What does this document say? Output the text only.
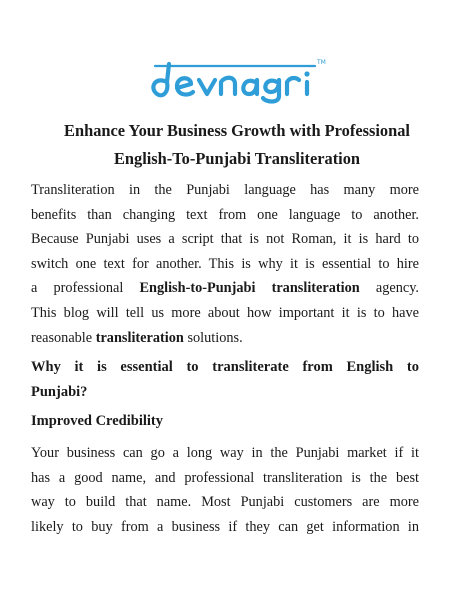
TM
Enhance Your Business Growth with Professional
English-To-Punjabi Transliteration
Transliteration in the Punjabi language has many more
benefits than changing text from one language to another.
Because Punjabi uses a script that is not Roman, it is hard to
switch one text for another. This is why it is essential to hire
a professional English-to-Punjabi transliteration agency.
This blog will tell us more about how important it is to have
reasonable transliteration solutions.
Why it is essential to transliterate from English to
Punjabi?
Improved Credibility
Your business can go a long way in the Punjabi market if it
has a good name, and professional transliteration is the best
way to build that name. Most Punjabi customers are more
likely to buy from a business if they can get information in
